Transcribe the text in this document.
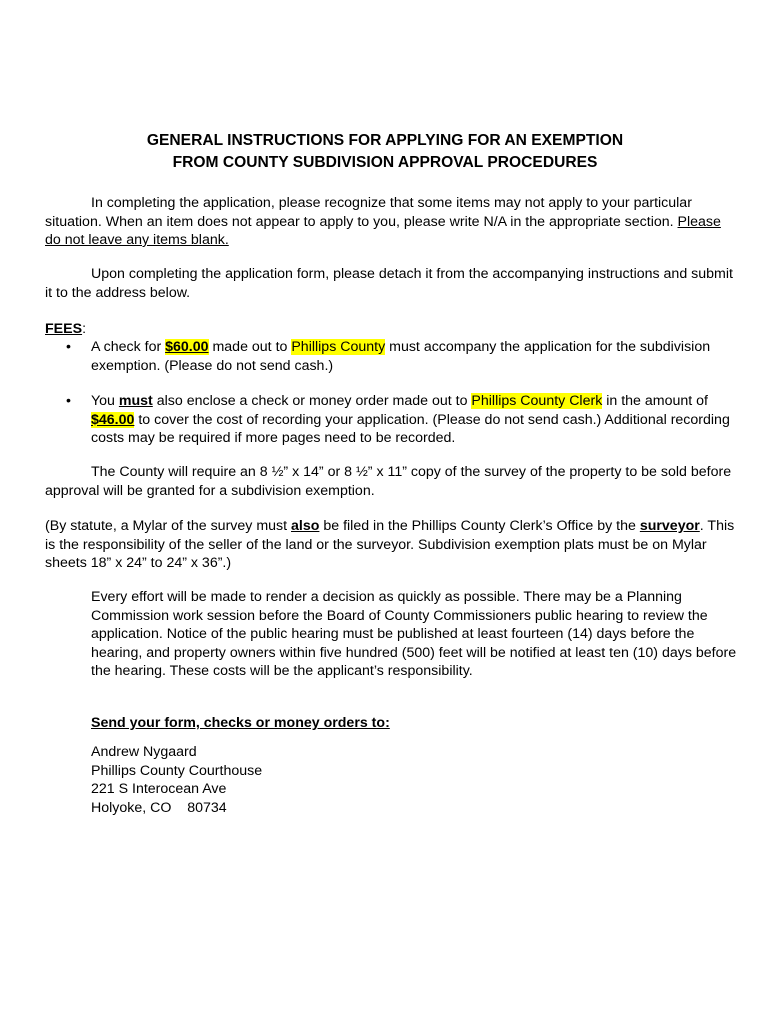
GENERAL INSTRUCTIONS FOR APPLYING FOR AN EXEMPTION
FROM COUNTY SUBDIVISION APPROVAL PROCEDURES

In completing the application, please recognize that some items may not apply to your particular situation. When an item does not appear to apply to you, please write N/A in the appropriate section. Please do not leave any items blank.

Upon completing the application form, please detach it from the accompanying instructions and submit it to the address below.

FEES:
• A check for $60.00 made out to Phillips County must accompany the application for the subdivision exemption. (Please do not send cash.)
• You must also enclose a check or money order made out to Phillips County Clerk in the amount of $46.00 to cover the cost of recording your application. (Please do not send cash.) Additional recording costs may be required if more pages need to be recorded.

The County will require an 8 ½” x 14” or 8 ½” x 11” copy of the survey of the property to be sold before approval will be granted for a subdivision exemption.

(By statute, a Mylar of the survey must also be filed in the Phillips County Clerk’s Office by the surveyor. This is the responsibility of the seller of the land or the surveyor. Subdivision exemption plats must be on Mylar sheets 18” x 24” to 24” x 36”.)

Every effort will be made to render a decision as quickly as possible. There may be a Planning Commission work session before the Board of County Commissioners public hearing to review the application. Notice of the public hearing must be published at least fourteen (14) days before the hearing, and property owners within five hundred (500) feet will be notified at least ten (10) days before the hearing. These costs will be the applicant’s responsibility.

Send your form, checks or money orders to:
Andrew Nygaard
Phillips County Courthouse
221 S Interocean Ave
Holyoke, CO    80734
